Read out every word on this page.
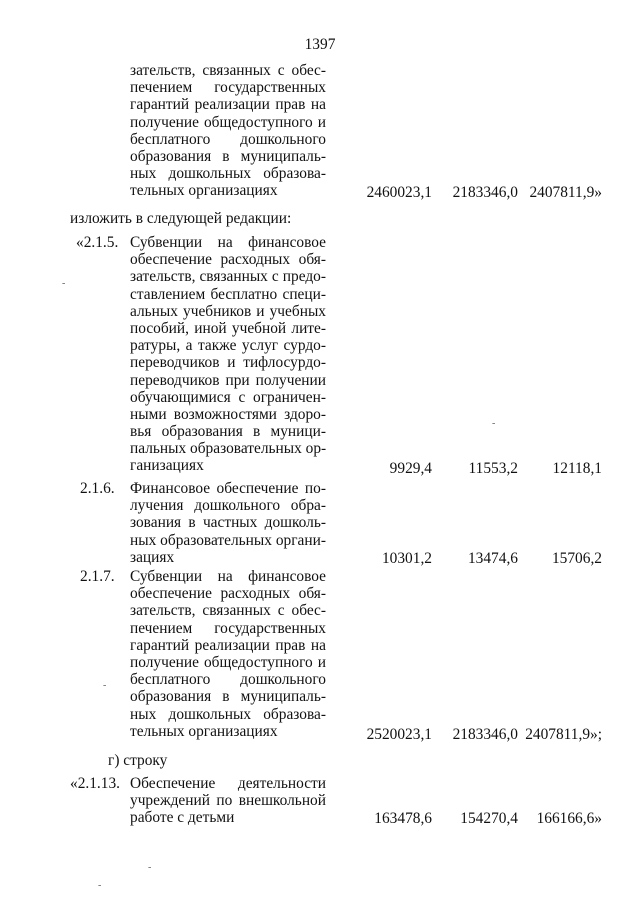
1397
зательств, связанных с обес-
печением государственных
гарантий реализации прав на
получение общедоступного и
бесплатного дошкольного
образования в муниципаль-
ных дошкольных образова-
тельных организациях	2460023,1 2183346,0 2407811,9»
изложить в следующей редакции:
«2.1.5. Субвенции на финансовое
обеспечение расходных обя-
зательств, связанных с предо-
ставлением бесплатно специ-
альных учебников и учебных
пособий, иной учебной лите-
ратуры, а также услуг сурдо-
переводчиков и тифлосурдо-
переводчиков при получении
обучающимися с ограничен-
ными возможностями здоро-
вья образования в муници-
пальных образовательных ор-
ганизациях	9929,4 11553,2 12118,1
2.1.6. Финансовое обеспечение по-
лучения дошкольного обра-
зования в частных дошколь-
ных образовательных органи-
зациях	10301,2 13474,6 15706,2
2.1.7. Субвенции на финансовое
обеспечение расходных обя-
зательств, связанных с обес-
печением государственных
гарантий реализации прав на
получение общедоступного и
бесплатного дошкольного
образования в муниципаль-
ных дошкольных образова-
тельных организациях	2520023,1 2183346,0 2407811,9»;
г) строку
«2.1.13. Обеспечение деятельности
учреждений по внешкольной
работе с детьми	163478,6 154270,4 166166,6»
-
-
-
-
-
